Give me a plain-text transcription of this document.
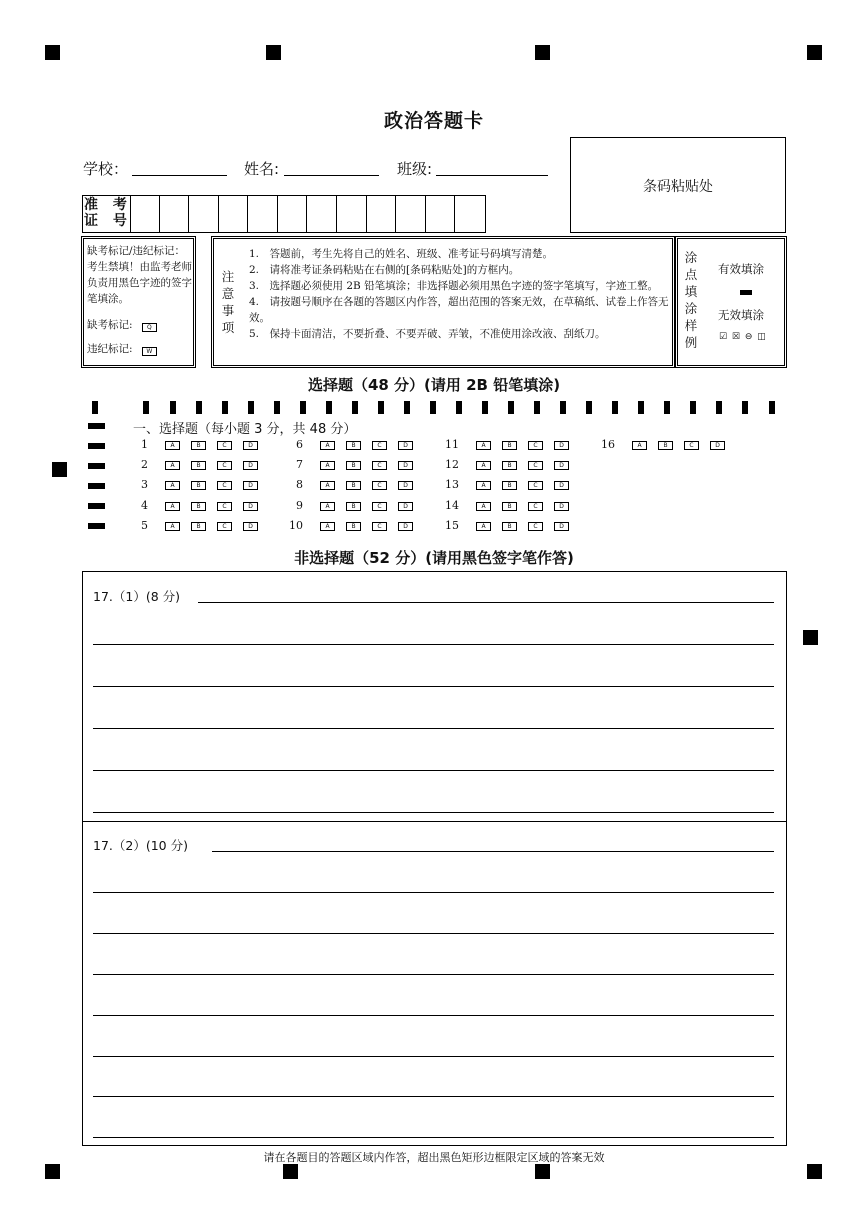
政治答题卡
学校：	姓名:	班级:
条码粘贴处
准 考
证 号
缺考标记/违纪标记：
考生禁填！由监考老师负责用黑色字迹的签字笔填涂。
缺考标记: Q
违纪标记: W
注
意
事
项
1.　答题前，考生先将自己的姓名、班级、准考证号码填写清楚。
2.　请将准考证条码粘贴在右侧的[条码粘贴处]的方框内。
3.　选择题必须使用 2B 铅笔填涂；非选择题必须用黑色字迹的签字笔填写，字迹工整。
4.　请按题号顺序在各题的答题区内作答，超出范围的答案无效，在草稿纸、试卷上作答无效。
5.　保持卡面清洁，不要折叠、不要弄破、弄皱，不准使用涂改液、刮纸刀。
涂
点
填
涂
样
例
有效填涂
无效填涂
☑ ☒ ⊖ ◫
选择题（48 分）(请用 2B 铅笔填涂)
一、选择题（每小题 3 分，共 48 分）
1	A	B	C	D
2	A	B	C	D
3	A	B	C	D
4	A	B	C	D
5	A	B	C	D
6	A	B	C	D
7	A	B	C	D
8	A	B	C	D
9	A	B	C	D
10	A	B	C	D
11	A	B	C	D
12	A	B	C	D
13	A	B	C	D
14	A	B	C	D
15	A	B	C	D
16	A	B	C	D
非选择题（52 分）(请用黑色签字笔作答)
17.（1）(8 分)
17.（2）(10 分)
请在各题目的答题区域内作答，超出黑色矩形边框限定区域的答案无效
